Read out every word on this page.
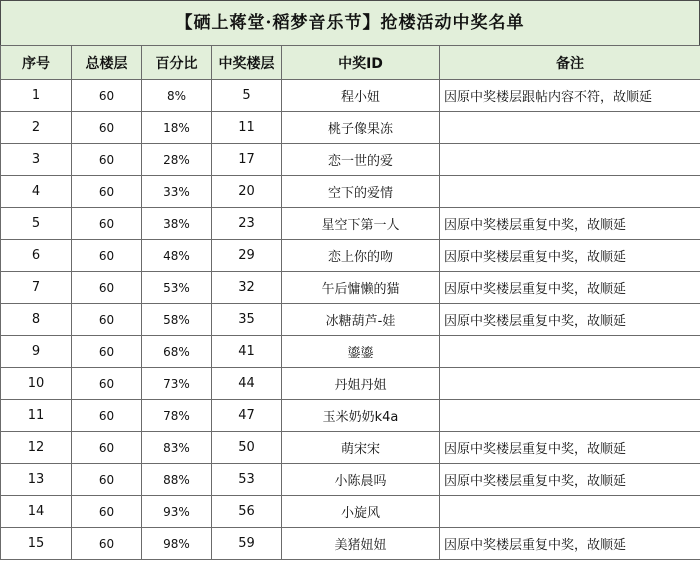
【硒上蒋堂·稻梦音乐节】抢楼活动中奖名单
序号	总楼层	百分比	中奖楼层	中奖ID	备注
1	60	8%	5	程小妞	因原中奖楼层跟帖内容不符，故顺延
2	60	18%	11	桃子像果冻	
3	60	28%	17	恋一世的爱	
4	60	33%	20	空下的爱情	
5	60	38%	23	星空下第一人	因原中奖楼层重复中奖，故顺延
6	60	48%	29	恋上你的吻	因原中奖楼层重复中奖，故顺延
7	60	53%	32	午后慵懒的猫	因原中奖楼层重复中奖，故顺延
8	60	58%	35	冰糖葫芦-娃	因原中奖楼层重复中奖，故顺延
9	60	68%	41	鎏鎏	
10	60	73%	44	丹姐丹姐	
11	60	78%	47	玉米奶奶k4a	
12	60	83%	50	萌宋宋	因原中奖楼层重复中奖，故顺延
13	60	88%	53	小陈晨吗	因原中奖楼层重复中奖，故顺延
14	60	93%	56	小旋风	
15	60	98%	59	美猪妞妞	因原中奖楼层重复中奖，故顺延
